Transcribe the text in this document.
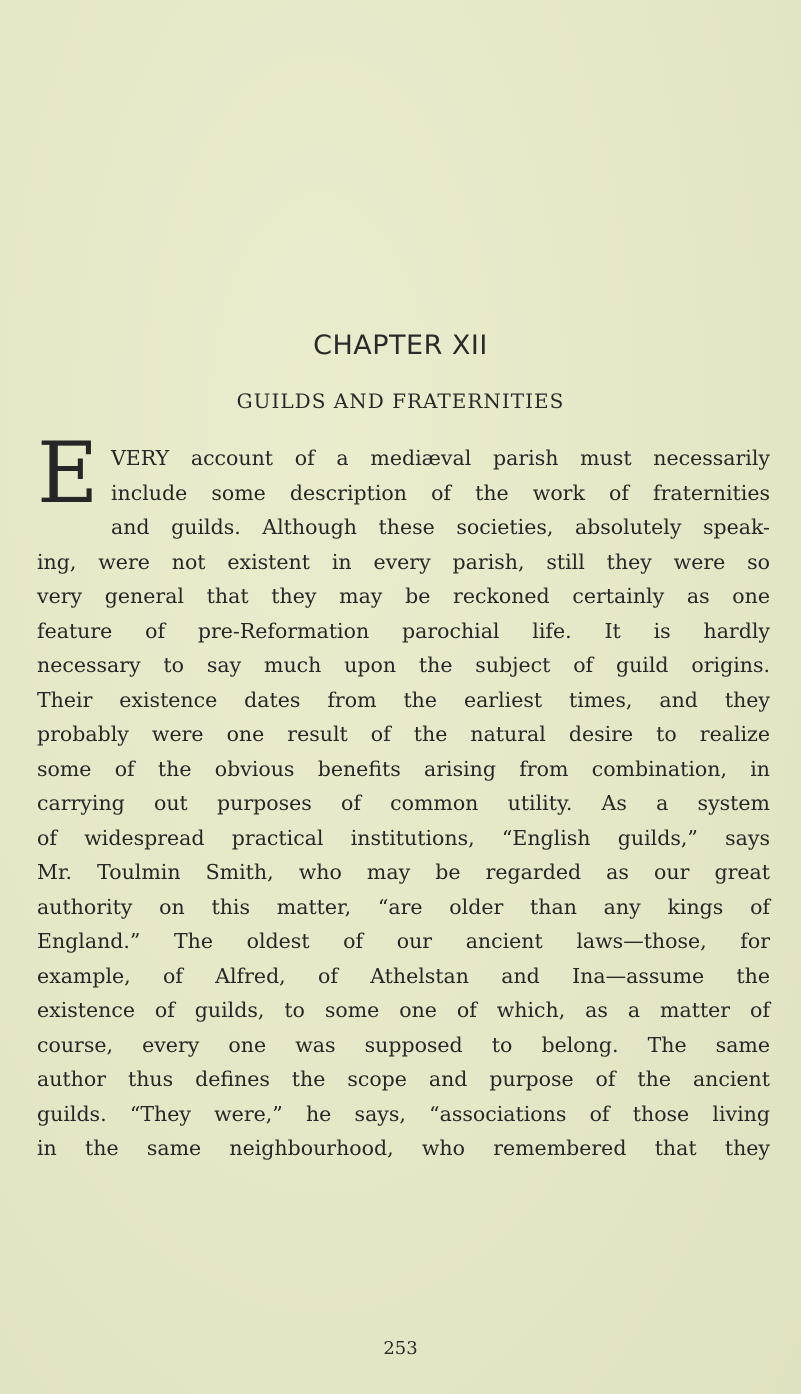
CHAPTER XII
GUILDS AND FRATERNITIES
E VERY account of a mediæval parish must necessarily
include some description of the work of fraternities
and guilds. Although these societies, absolutely speak-
ing, were not existent in every parish, still they were so
very general that they may be reckoned certainly as one
feature of pre-Reformation parochial life. It is hardly
necessary to say much upon the subject of guild origins.
Their existence dates from the earliest times, and they
probably were one result of the natural desire to realize
some of the obvious benefits arising from combination, in
carrying out purposes of common utility. As a system
of widespread practical institutions, “English guilds,” says
Mr. Toulmin Smith, who may be regarded as our great
authority on this matter, “are older than any kings of
England.” The oldest of our ancient laws—those, for
example, of Alfred, of Athelstan and Ina—assume the
existence of guilds, to some one of which, as a matter of
course, every one was supposed to belong. The same
author thus defines the scope and purpose of the ancient
guilds. “They were,” he says, “associations of those living
in the same neighbourhood, who remembered that they
253
